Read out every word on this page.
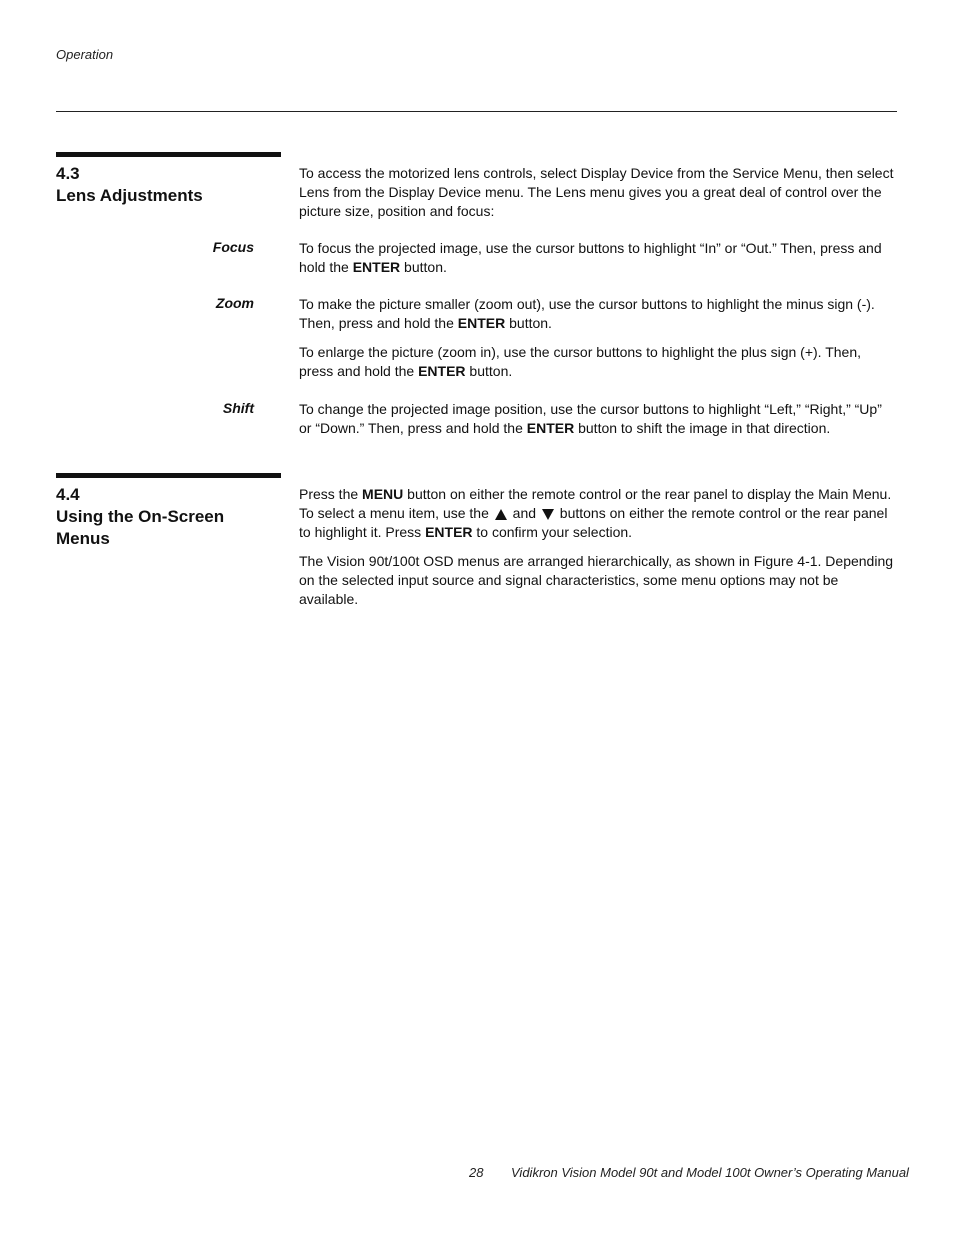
Operation
4.3
Lens Adjustments

To access the motorized lens controls, select Display Device from the Service Menu, then select Lens from the Display Device menu. The Lens menu gives you a great deal of control over the picture size, position and focus:

Focus	To focus the projected image, use the cursor buttons to highlight “In” or “Out.” Then, press and hold the ENTER button.

Zoom	To make the picture smaller (zoom out), use the cursor buttons to highlight the minus sign (-). Then, press and hold the ENTER button.

To enlarge the picture (zoom in), use the cursor buttons to highlight the plus sign (+). Then, press and hold the ENTER button.

Shift	To change the projected image position, use the cursor buttons to highlight “Left,” “Right,” “Up” or “Down.” Then, press and hold the ENTER button to shift the image in that direction.

4.4
Using the On-Screen
Menus

Press the MENU button on either the remote control or the rear panel to display the Main Menu. To select a menu item, use the  and  buttons on either the remote control or the rear panel to highlight it. Press ENTER to confirm your selection.

The Vision 90t/100t OSD menus are arranged hierarchically, as shown in Figure 4-1. Depending on the selected input source and signal characteristics, some menu options may not be available.

28 Vidikron Vision Model 90t and Model 100t Owner’s Operating Manual
